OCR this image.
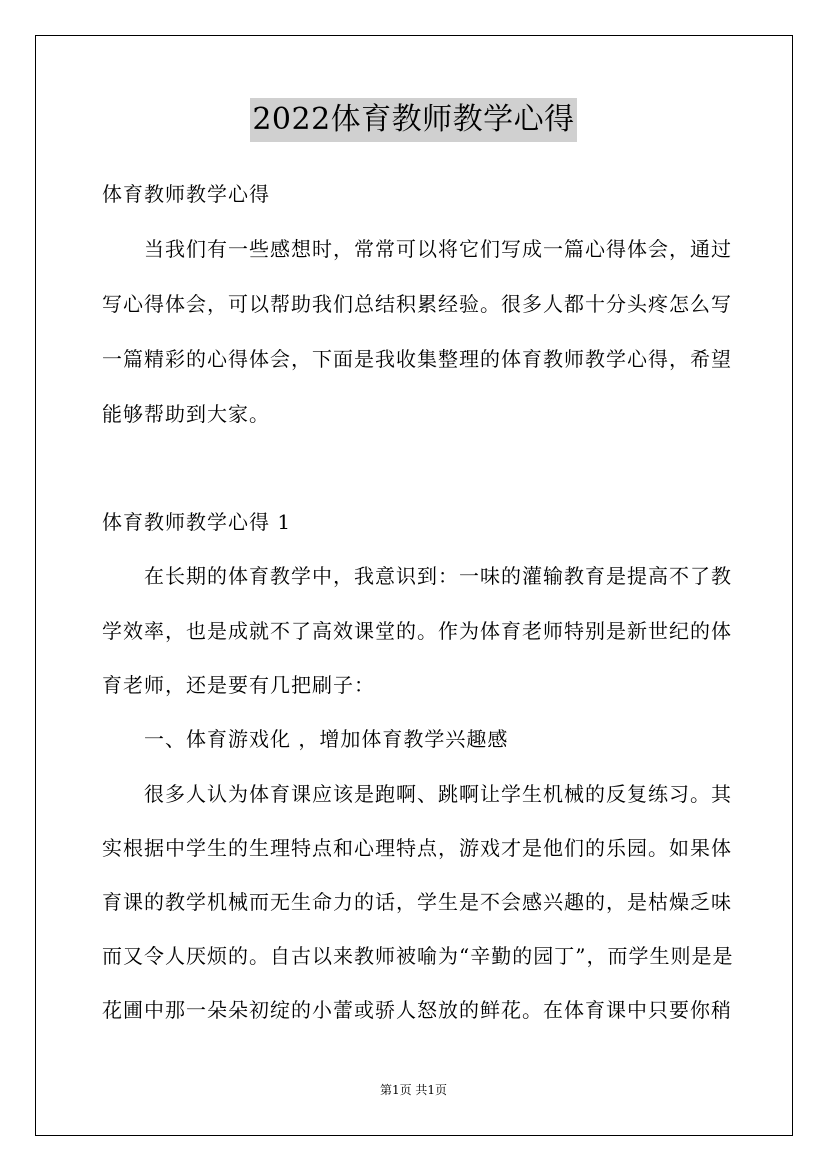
2022体育教师教学心得
体育教师教学心得
当我们有一些感想时，常常可以将它们写成一篇心得体会，通过
写心得体会，可以帮助我们总结积累经验。很多人都十分头疼怎么写
一篇精彩的心得体会，下面是我收集整理的体育教师教学心得，希望
能够帮助到大家。
体育教师教学心得 1
在长期的体育教学中，我意识到：一味的灌输教育是提高不了教
学效率，也是成就不了高效课堂的。作为体育老师特别是新世纪的体
育老师，还是要有几把刷子：
一、体育游戏化 ，增加体育教学兴趣感
很多人认为体育课应该是跑啊、跳啊让学生机械的反复练习。其
实根据中学生的生理特点和心理特点，游戏才是他们的乐园。如果体
育课的教学机械而无生命力的话，学生是不会感兴趣的，是枯燥乏味
而又令人厌烦的。自古以来教师被喻为“辛勤的园丁”，而学生则是是
花圃中那一朵朵初绽的小蕾或骄人怒放的鲜花。在体育课中只要你稍
第1页 共1页
